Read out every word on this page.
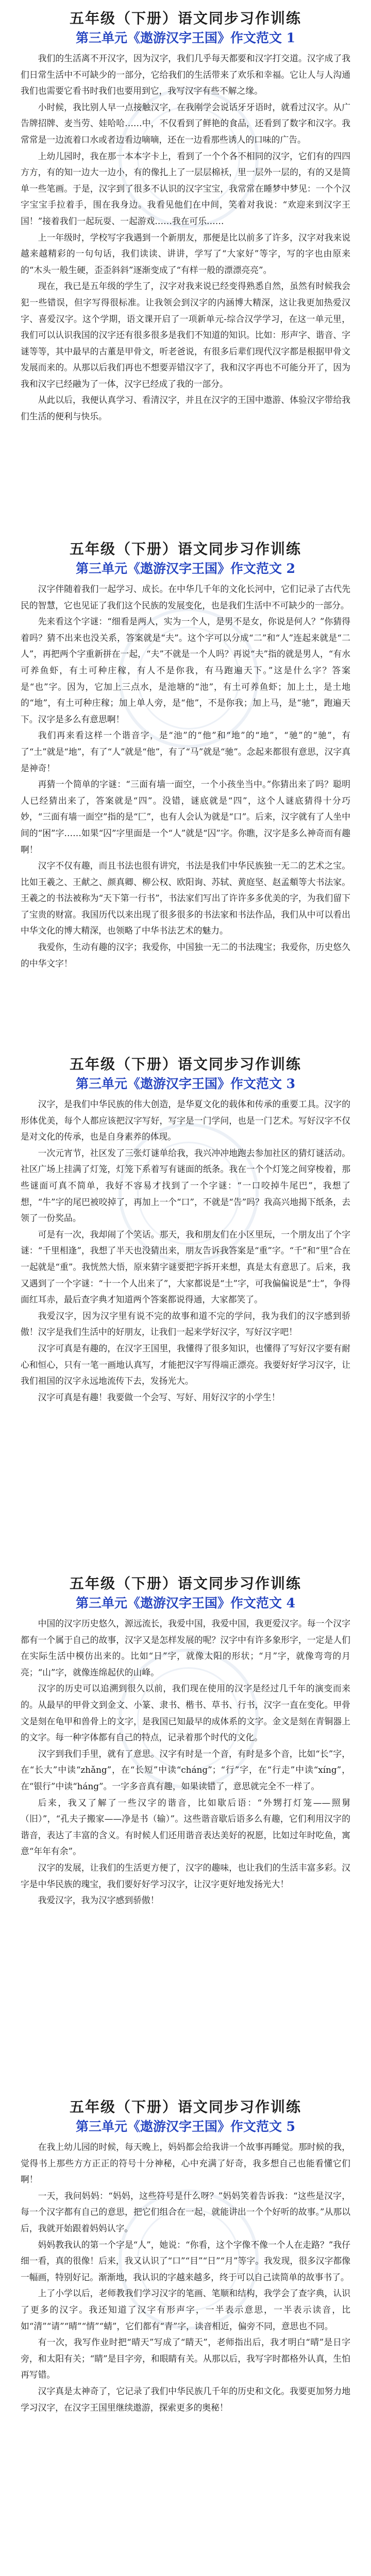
五年级（下册）语文同步习作训练
第三单元《遨游汉字王国》作文范文 1

我们的生活离不开汉字，因为汉字，我们几乎每天都要和汉字打交道。汉字成了我们日常生活中不可缺少的一部分，它给我们的生活带来了欢乐和幸福。它让人与人沟通我们也需要它看书时我们也要用到它，我写汉字有些不解之缘。

小时候，我比别人早一点接触汉字，在我刚学会说话牙牙语时，就看过汉字。从广告牌招牌、麦当劳、娃哈哈……中，不仅看到了鲜艳的食品，还看到了数字和汉字。我常常是一边流着口水或者边看边嘀嘀，还在一边看那些诱人的口味的广告。

上幼儿园时，我在那一本本字卡上，看到了一个个各不相同的汉字，它们有的四四方方，有的知一边大一边小，有的像扎上了一层层棉袄，里一层外一层的，有的又是简单一些笔画。于是，汉字到了很多不认识的汉字宝宝，我常常在睡梦中梦见：一个个汉字宝宝手拉着手，围在我身边。我看见他们在中间，笑着对我说：“欢迎来到汉字王国！”接着我们一起玩耍、一起游戏……我在可乐……

上一年级时，学校写字我遇到一个新朋友，那便是比以前多了许多，汉字对我来说越来越精彩的一句句话，我们读读、讲讲，学写了“大家好”等字，写的字也由原来的“木头一般生硬，歪歪斜斜”逐渐变成了“有样一般的漂漂亮亮”。

现在，我已是五年级的学生了，汉字对我来说已经变得熟悉自然，虽然有时候我会犯一些错误，但字写得很标准。让我领会到汉字的内涵博大精深，这让我更加热爱汉字、喜爱汉字。这个学期，语文课开启了一项新单元-综合汉学学习，在这一单元里，我们可以认识我国的汉字还有很多很多是我们不知道的知识。比如：形声字、谐音、字谜等等，其中最早的古董是甲骨文，听老爸说，有很多后辈们现代汉字都是根据甲骨文发展而来的。从那以后我们再也不想要弄错汉字了，我和汉字再也不可能分开了，因为我和汉字已经融为了一体，汉字已经成了我的一部分。

从此以后，我便认真学习、看清汉字，并且在汉字的王国中遨游、体验汉字带给我们生活的便利与快乐。

五年级（下册）语文同步习作训练
第三单元《遨游汉字王国》作文范文 2

汉字伴随着我们一起学习、成长。在中华几千年的文化长河中，它们记录了古代先民的智慧，它也见证了我们这个民族的发展变化，也是我们生活中不可缺少的一部分。

先来看这个字谜：“细看是两人，实为一个人，是男不是女，你说是何人？”你猜得着吗？猜不出来也没关系，答案就是“夫”。这个字可以分成“二”和“人”连起来就是“二人”，再把两个字重新拼在一起，“夫”不就是一个人吗？再说“夫”指的就是男人，“有水可养鱼虾，有土可种庄稼，有人不是你我，有马跑遍天下。”这是什么字？答案是“也”字。因为，它加上三点水，是池塘的“池”，有土可养鱼虾；加上土，是土地的“地”，有土可种庄稼；加上单人旁，是“他”，不是你我；加上马，是“驰”，跑遍天下。汉字是多么有意思啊！

我们再来看这样一个谐音字，是“池”的“他”和“地”的“地”，“驰”的“驰”，有了“土”就是“地”，有了“人”就是“他”，有了“马”就是“驰”。念起来都很有意思，汉字真是神奇！

再猜一个简单的字谜：“三面有墙一面空，一个小孩坐当中。”你猜出来了吗？聪明人已经猜出来了，答案就是“四”。没错，谜底就是“四”，这个人谜底猜得十分巧妙，“三面有墙一面空”指的是“匚”，也有人会认为就是“口”。后来，汉字就有了人坐中间的“困”字……如果“囚”字里面是一个“人”就是“囚”字。你瞧，汉字是多么神奇而有趣啊！

汉字不仅有趣，而且书法也很有讲究，书法是我们中华民族独一无二的艺术之宝。比如王羲之、王献之、颜真卿、柳公权、欧阳询、苏轼、黄庭坚、赵孟頫等大书法家。王羲之的书法被称为“天下第一行书”，书法家们写出了许许多多优美的字，为我们留下了宝贵的财富。我国历代以来出现了很多很多的书法家和书法作品，我们从中可以看出中华文化的博大精深，也领略了中华书法艺术的魅力。

我爱你，生动有趣的汉字；我爱你，中国独一无二的书法瑰宝；我爱你，历史悠久的中华文字！

五年级（下册）语文同步习作训练
第三单元《遨游汉字王国》作文范文 3

汉字，是我们中华民族的伟大创造，是华夏文化的载体和传承的重要工具。汉字的形体优美，每个人都应该把汉字写好，写字是一门学问，也是一门艺术。写好汉字不仅是对文化的传承，也是自身素养的体现。

一次元宵节，社区发了三张灯谜单给我，我兴冲冲地跑去参加社区的猜灯谜活动。社区广场上挂满了灯笼，灯笼下系着写有谜面的纸条。我在一个个灯笼之间穿梭着，那些谜面可真不简单，我好不容易才找到了一个字谜：“一口咬掉牛尾巴”，我想了想，“牛”字的尾巴被咬掉了，再加上一个“口”，不就是“告”吗？我高兴地揭下纸条，去领了一份奖品。

可是有一次，我却闹了个笑话。那天，我和朋友们在小区里玩，一个朋友出了个字谜：“千里相逢”，我想了半天也没猜出来，朋友告诉我答案是“重”字。“千”和“里”合在一起就是“重”。我恍然大悟，原来猜字谜要把字拆开来想，真是太有意思了。后来，我又遇到了一个字谜：“十一个人出来了”，大家都说是“土”字，可我偏偏说是“士”，争得面红耳赤，最后查字典才知道两个答案都说得通，大家都笑了。

我爱汉字，因为汉字里有说不完的故事和道不完的学问，我为我们的汉字感到骄傲！汉字是我们生活中的好朋友，让我们一起来学好汉字，写好汉字吧！

汉字可真是有趣的，在汉字王国里，我懂得了很多知识，也懂得了写好汉字要有耐心和恒心，只有一笔一画地认真写，才能把汉字写得端正漂亮。我要好好学习汉字，让我们祖国的汉字永远地流传下去，发扬光大。

汉字可真是有趣！我要做一个会写、写好、用好汉字的小学生！

五年级（下册）语文同步习作训练
第三单元《遨游汉字王国》作文范文 4

中国的汉字历史悠久，源远流长，我爱中国，我爱中国，我更爱汉字。每一个汉字都有一个属于自己的故事，汉字又是怎样发展的呢？汉字中有许多象形字，一定是人们在实际生活中模仿出来的。比如“日”字，就像太阳的形状；“月”字，就像弯弯的月亮；“山”字，就像连绵起伏的山峰。

汉字的历史可以追溯到很久以前，我们现在使用的汉字是经过几千年的演变而来的。从最早的甲骨文到金文、小篆、隶书、楷书、草书、行书，汉字一直在变化。甲骨文是刻在龟甲和兽骨上的文字，是我国已知最早的成体系的文字。金文是刻在青铜器上的文字。每一种字体都有自己的特点，记录着那个时代的文化。

汉字到我们手里，就有了意思。汉字有时是一个音，有时是多个音，比如“长”字，在“长大”中读“zhǎng”，在“长短”中读“cháng”；“行”字，在“行走”中读“xíng”，在“银行”中读“háng”。一字多音真有趣，如果读错了，意思就完全不一样了。

后来，我又了解了一些汉字的谐音，比如歇后语：“外甥打灯笼——照舅（旧）”，“孔夫子搬家——净是书（输）”。这些谐音歇后语多么有趣，它们利用汉字的谐音，表达了丰富的含义。有时候人们还用谐音表达美好的祝愿，比如过年时吃鱼，寓意“年年有余”。

汉字的发展，让我们的生活更方便了，汉字的趣味，也让我们的生活丰富多彩。汉字是中华民族的瑰宝，我们要好好学习汉字，让汉字更好地发扬光大！

我爱汉字，我为汉字感到骄傲！

五年级（下册）语文同步习作训练
第三单元《遨游汉字王国》作文范文 5

在我上幼儿园的时候，每天晚上，妈妈都会给我讲一个故事再睡觉。那时候的我，觉得书上那些方方正正的符号十分神秘，心中充满了好奇，我多想自己也能看懂它们啊！

一天，我问妈妈：“妈妈，这些符号是什么呀？”妈妈笑着告诉我：“这些是汉字，每一个汉字都有自己的意思，把它们组合在一起，就能讲出一个个好听的故事。”从那以后，我就开始跟着妈妈认字。

妈妈教我认的第一个字是“人”，她说：“你看，这个字像不像一个人在走路？”我仔细一看，真的很像！后来，我又认识了“口”“目”“日”“月”等字。我发现，很多汉字都像一幅画，特别好记。渐渐地，我认识的字越来越多，终于可以自己读简单的故事书了。

上了小学以后，老师教我们学习汉字的笔画、笔顺和结构，我学会了查字典，认识了更多的汉字。我还知道了汉字有形声字，一半表示意思，一半表示读音，比如“清”“请”“晴”“情”“蜻”，它们都有“青”字，读音相近，偏旁不同，意思也不同。

有一次，我写作业时把“晴天”写成了“睛天”，老师指出后，我才明白“晴”是日字旁，和太阳有关；“睛”是目字旁，和眼睛有关。从那以后，我写字时都格外认真，生怕再写错。

汉字真是太神奇了，它记录了我们中华民族几千年的历史和文化。我要更加努力地学习汉字，在汉字王国里继续遨游，探索更多的奥秘！
